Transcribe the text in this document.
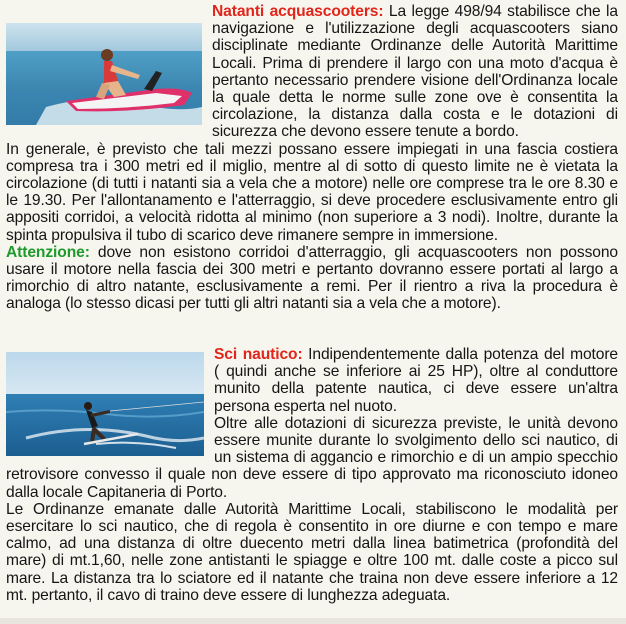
Natanti acquascooters: La legge 498/94 stabilisce che la navigazione e l'utilizzazione degli acquascooters siano disciplinate mediante Ordinanze delle Autorità Marittime Locali. Prima di prendere il largo con una moto d'acqua è pertanto necessario prendere visione dell'Ordinanza locale la quale detta le norme sulle zone ove è consentita la circolazione, la distanza dalla costa e le dotazioni di sicurezza che devono essere tenute a bordo.

In generale, è previsto che tali mezzi possano essere impiegati in una fascia costiera compresa tra i 300 metri ed il miglio, mentre al di sotto di questo limite ne è vietata la circolazione (di tutti i natanti sia a vela che a motore) nelle ore comprese tra le ore 8.30 e le 19.30. Per l'allontanamento e l'atterraggio, si deve procedere esclusivamente entro gli appositi corridoi, a velocità ridotta al minimo (non superiore a 3 nodi). Inoltre, durante la spinta propulsiva il tubo di scarico deve rimanere sempre in immersione.

Attenzione: dove non esistono corridoi d'atterraggio, gli acquascooters non possono usare il motore nella fascia dei 300 metri e pertanto dovranno essere portati al largo a rimorchio di altro natante, esclusivamente a remi. Per il rientro a riva la procedura è analoga (lo stesso dicasi per tutti gli altri natanti sia a vela che a motore).

Sci nautico: Indipendentemente dalla potenza del motore ( quindi anche se inferiore ai 25 HP), oltre al conduttore munito della patente nautica, ci deve essere un'altra persona esperta nel nuoto.

Oltre alle dotazioni di sicurezza previste, le unità devono essere munite durante lo svolgimento dello sci nautico, di un sistema di aggancio e rimorchio e di un ampio specchio retrovisore convesso il quale non deve essere di tipo approvato ma riconosciuto idoneo dalla locale Capitaneria di Porto.

Le Ordinanze emanate dalle Autorità Marittime Locali, stabiliscono le modalità per esercitare lo sci nautico, che di regola è consentito in ore diurne e con tempo e mare calmo, ad una distanza di oltre duecento metri dalla linea batimetrica (profondità del mare) di mt.1,60, nelle zone antistanti le spiagge e oltre 100 mt. dalle coste a picco sul mare. La distanza tra lo sciatore ed il natante che traina non deve essere inferiore a 12 mt. pertanto, il cavo di traino deve essere di lunghezza adeguata.
